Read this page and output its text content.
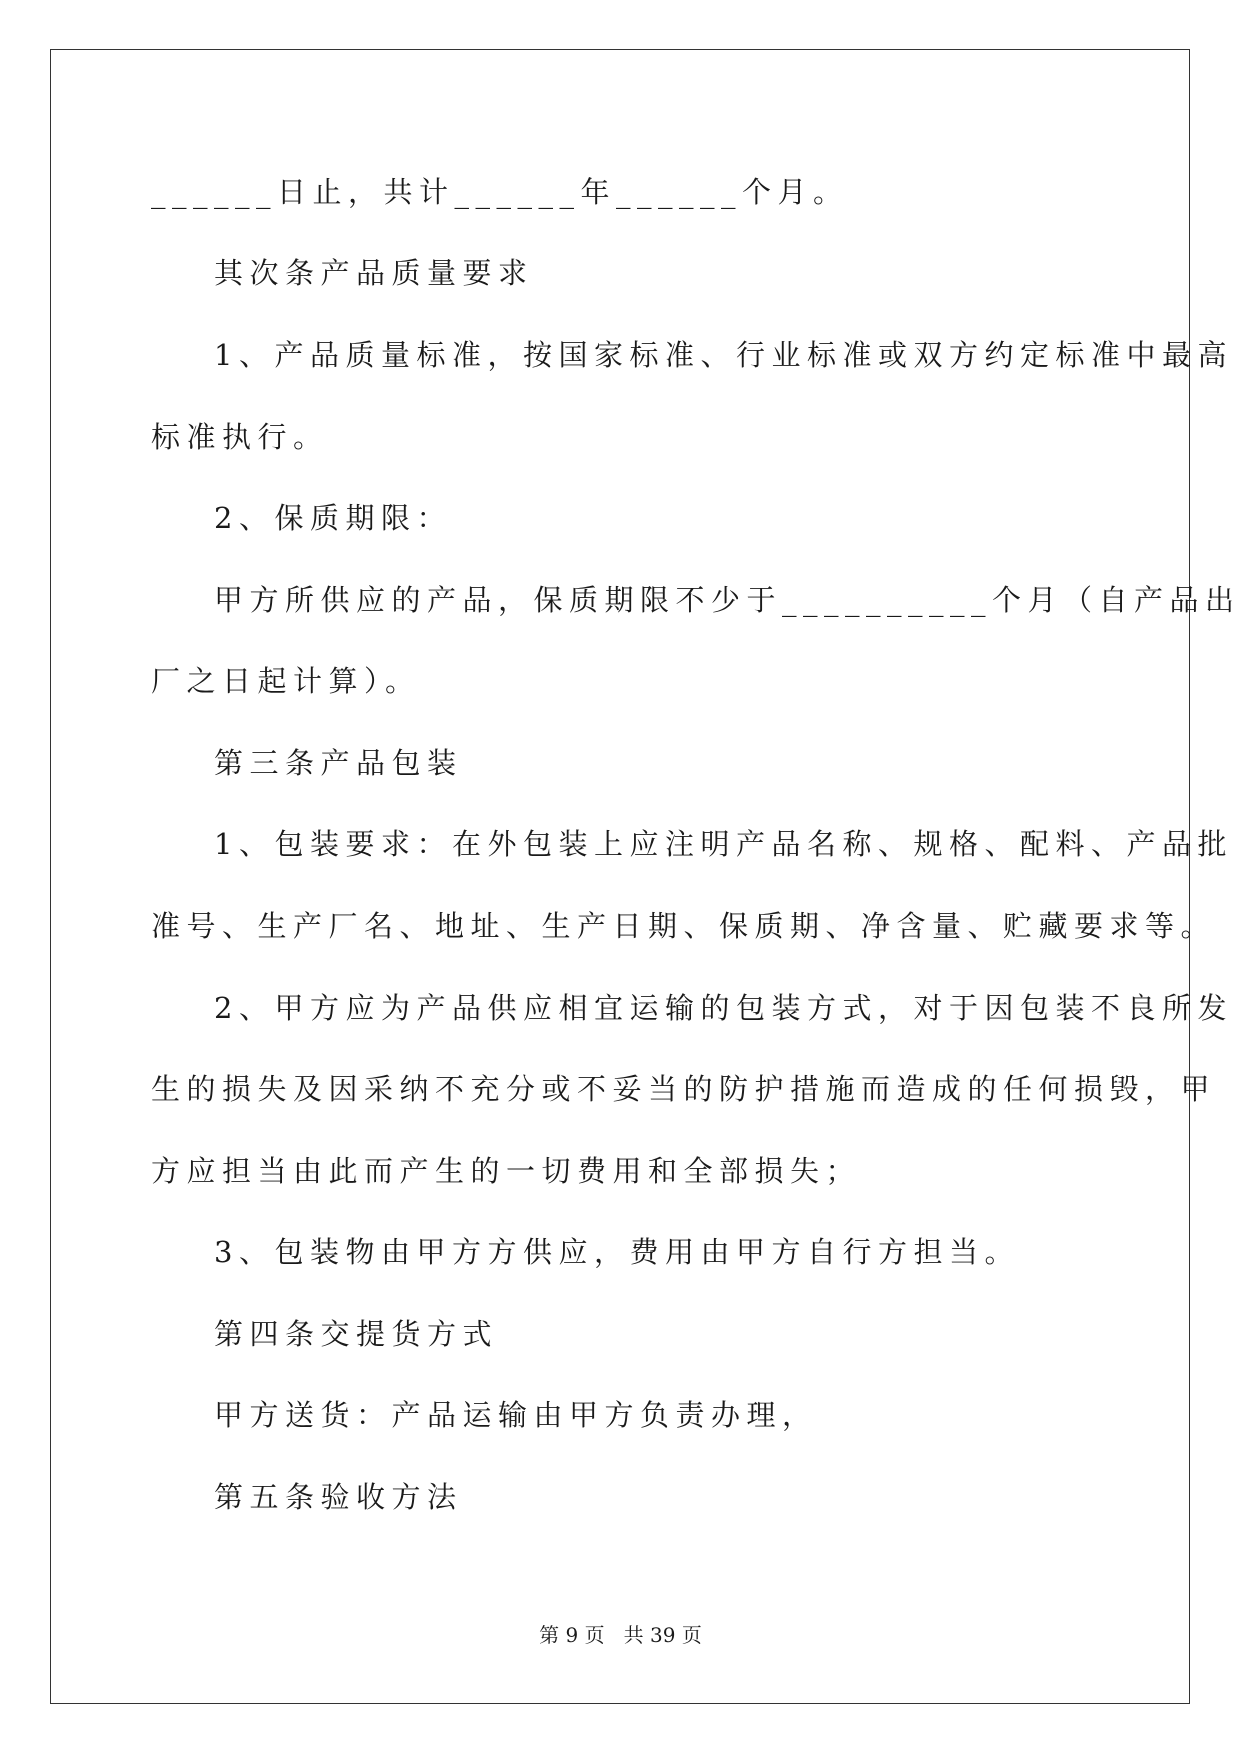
______日止，共计______年______个月。
其次条产品质量要求
1、产品质量标准，按国家标准、行业标准或双方约定标准中最高
标准执行。
2、保质期限：
甲方所供应的产品，保质期限不少于__________个月（自产品出
厂之日起计算）。
第三条产品包装
1、包装要求：在外包装上应注明产品名称、规格、配料、产品批
准号、生产厂名、地址、生产日期、保质期、净含量、贮藏要求等。
2、甲方应为产品供应相宜运输的包装方式，对于因包装不良所发
生的损失及因采纳不充分或不妥当的防护措施而造成的任何损毁，甲
方应担当由此而产生的一切费用和全部损失；
3、包装物由甲方方供应，费用由甲方自行方担当。
第四条交提货方式
甲方送货：产品运输由甲方负责办理，
第五条验收方法
第 9 页   共 39 页
